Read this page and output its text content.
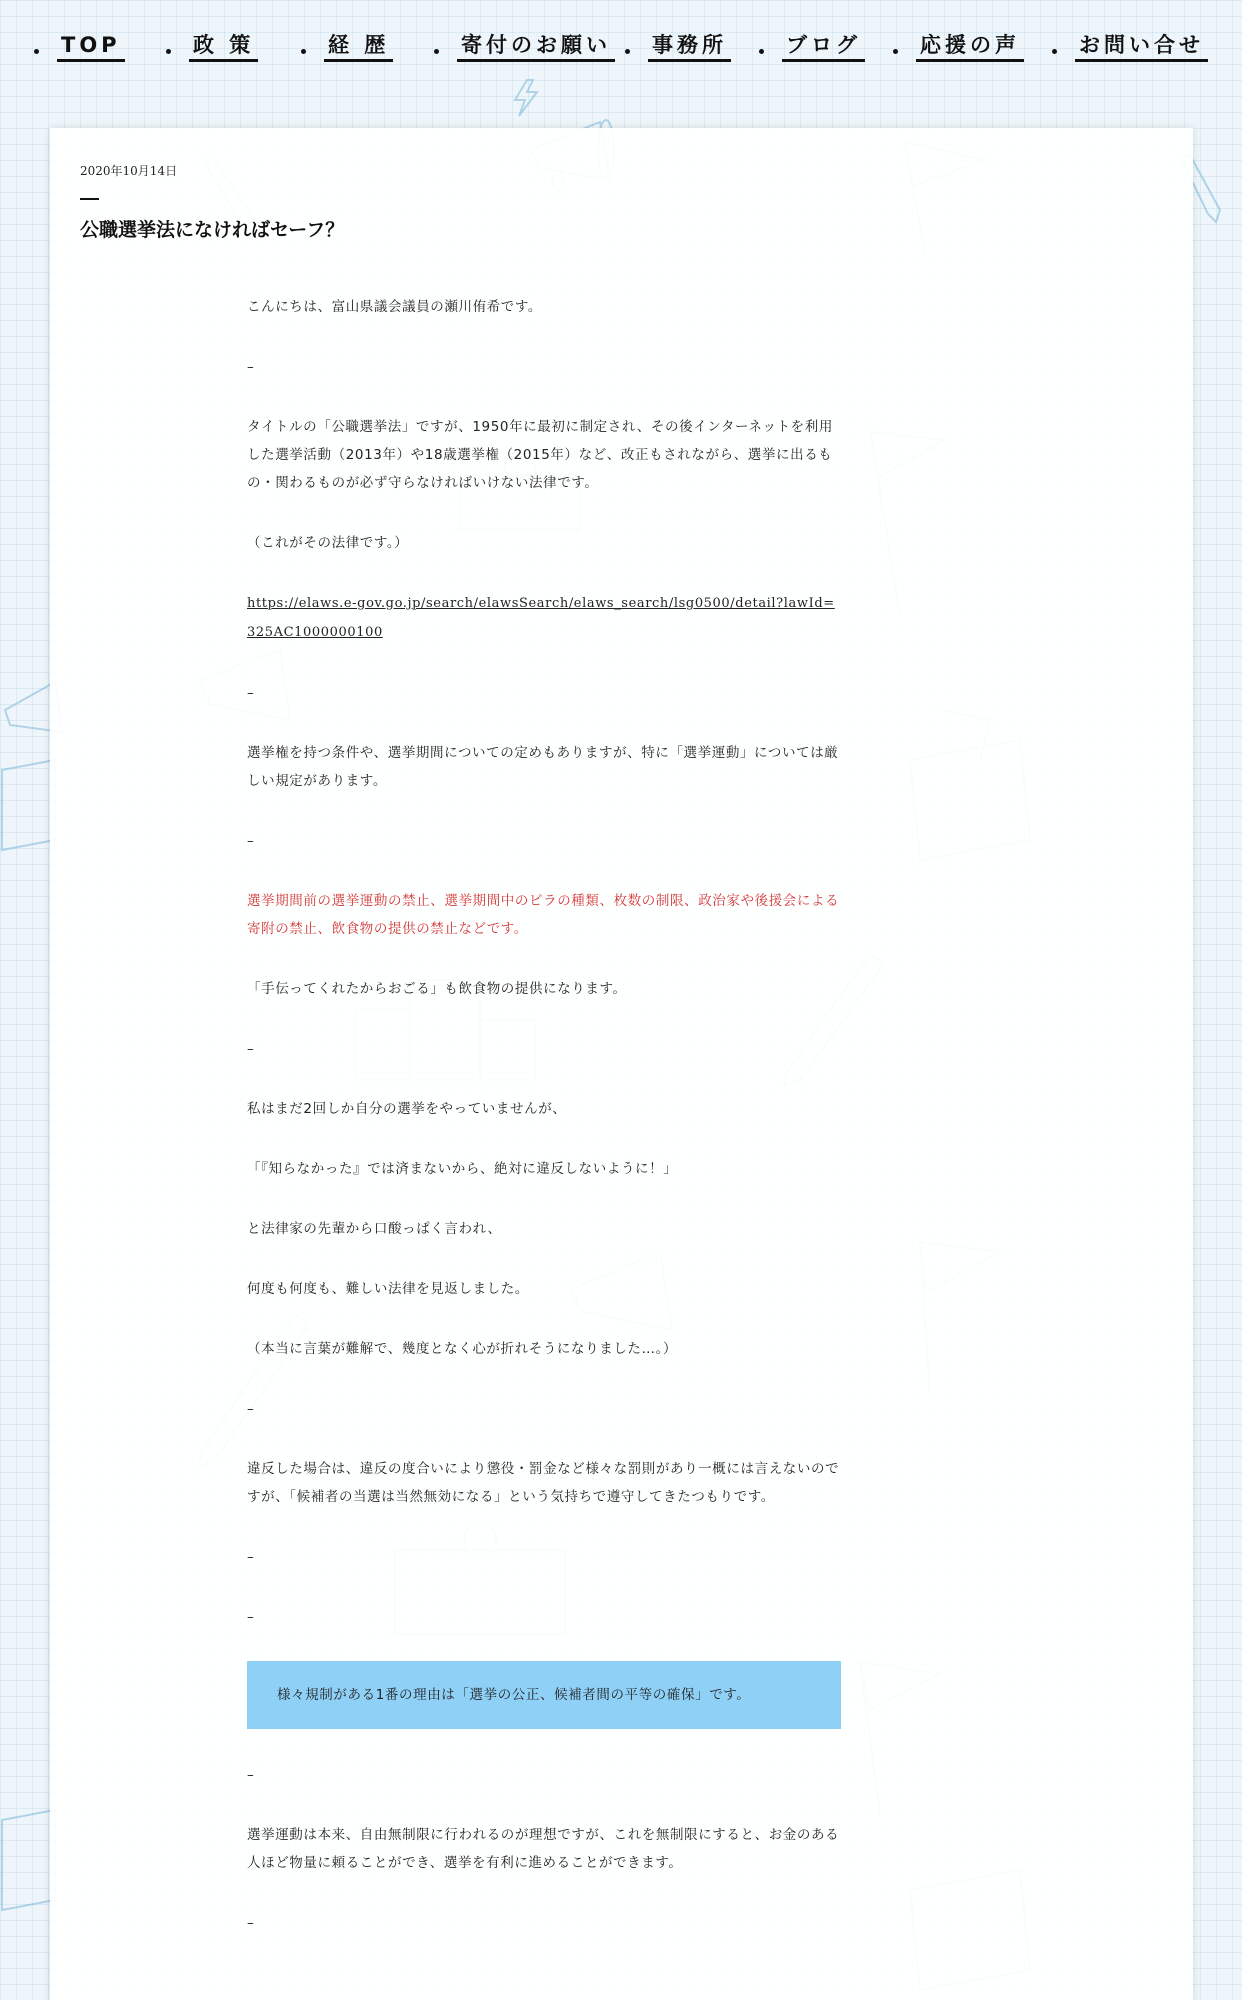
TOP	政 策	経 歴	寄付のお願い 事務所	ブログ	応援の声	お問い合せ
2020年10月14日
公職選挙法になければセーフ？

こんにちは、富山県議会議員の瀬川侑希です。

–

タイトルの「公職選挙法」ですが、1950年に最初に制定され、その後インターネットを利用した選挙活動（2013年）や18歳選挙権（2015年）など、改正もされながら、選挙に出るもの・関わるものが必ず守らなければいけない法律です。

（これがその法律です。）

https://elaws.e-gov.go.jp/search/elawsSearch/elaws_search/lsg0500/detail?lawId=325AC1000000100

–

選挙権を持つ条件や、選挙期間についての定めもありますが、特に「選挙運動」については厳しい規定があります。

–

選挙期間前の選挙運動の禁止、選挙期間中のビラの種類、枚数の制限、政治家や後援会による寄附の禁止、飲食物の提供の禁止などです。

「手伝ってくれたからおごる」も飲食物の提供になります。

–

私はまだ2回しか自分の選挙をやっていませんが、

「『知らなかった』では済まないから、絶対に違反しないように！」

と法律家の先輩から口酸っぱく言われ、

何度も何度も、難しい法律を見返しました。

（本当に言葉が難解で、幾度となく心が折れそうになりました…。）

–

違反した場合は、違反の度合いにより懲役・罰金など様々な罰則があり一概には言えないのですが、「候補者の当選は当然無効になる」という気持ちで遵守してきたつもりです。

–

–

様々規制がある1番の理由は「選挙の公正、候補者間の平等の確保」です。

–

選挙運動は本来、自由無制限に行われるのが理想ですが、これを無制限にすると、お金のある人ほど物量に頼ることができ、選挙を有利に進めることができます。

–
